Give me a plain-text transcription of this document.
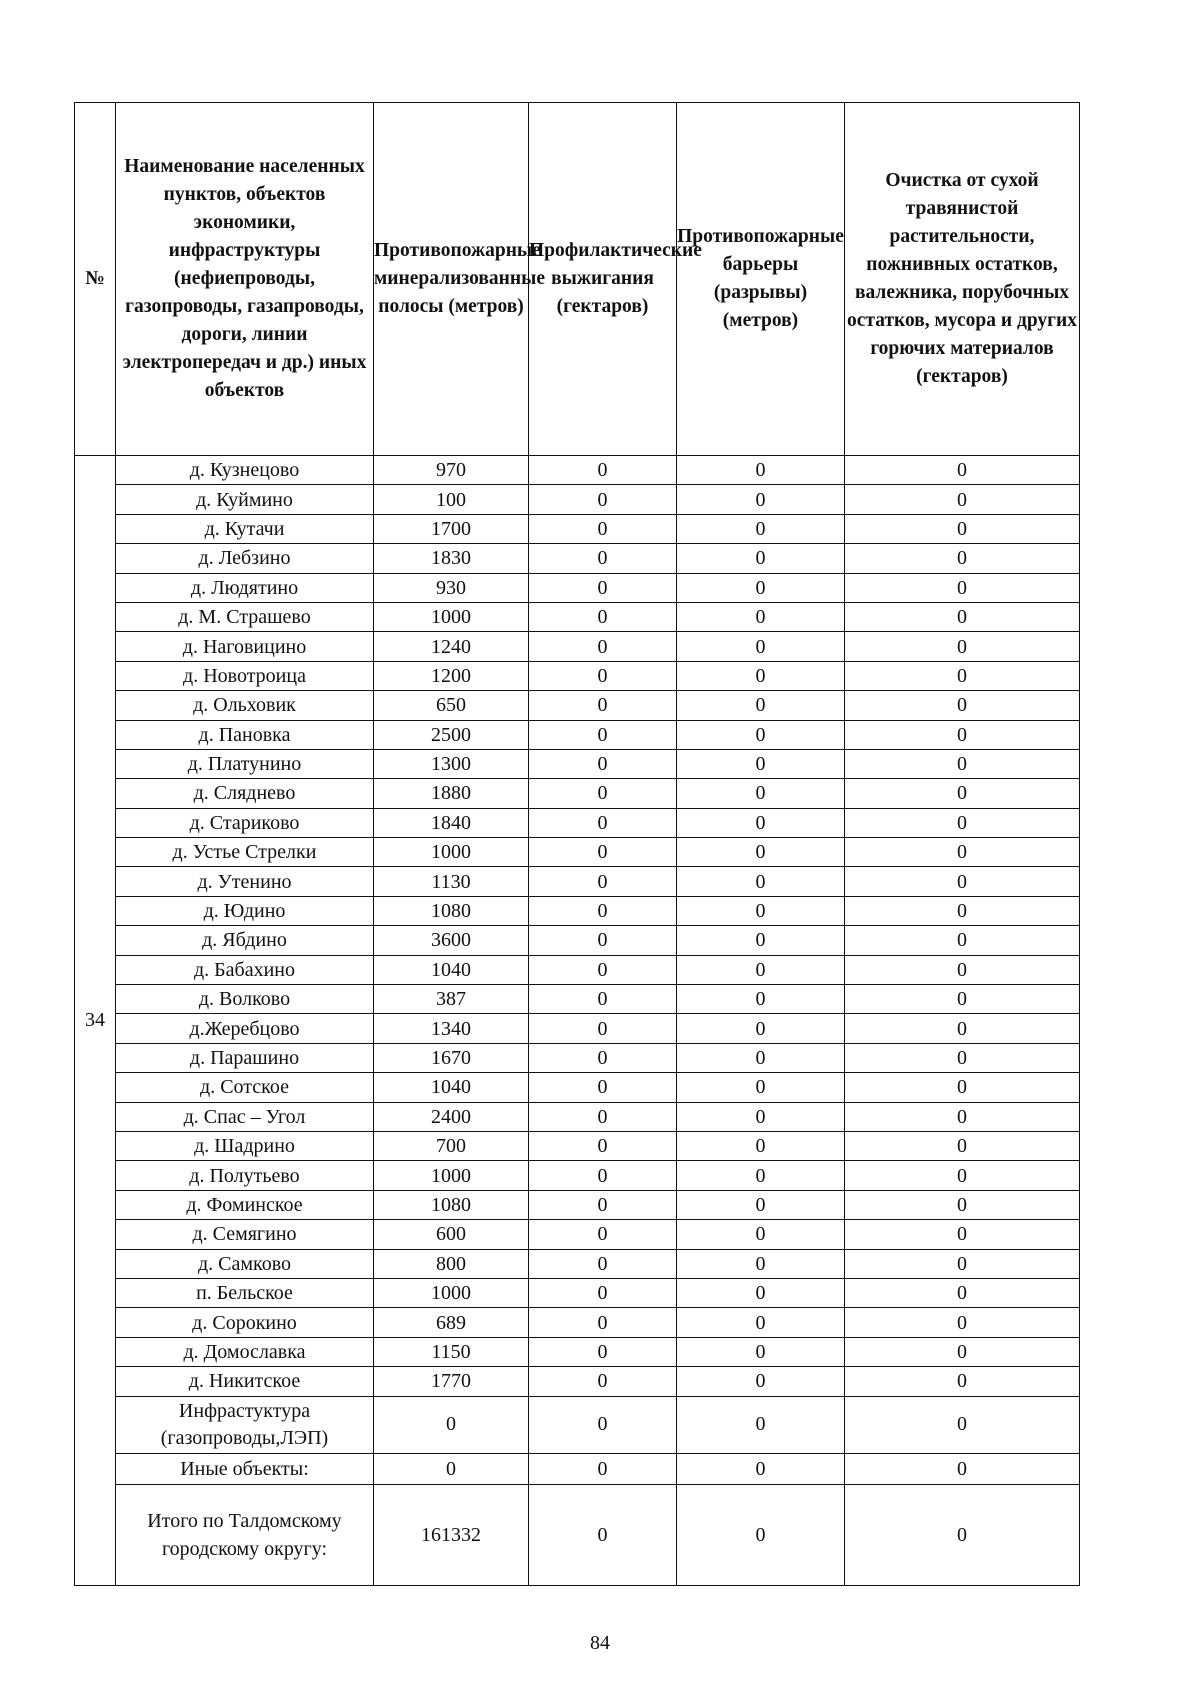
№	Наименование населенных пунктов, объектов экономики, инфраструктуры (нефиепроводы, газопроводы, газапроводы, дороги, линии электропередач и др.) иных объектов	Противопожарные минерализованные полосы (метров)	Профилактические выжигания (гектаров)	Противопожарные барьеры (разрывы) (метров)	Очистка от сухой травянистой растительности, пожнивных остатков, валежника, порубочных остатков, мусора и других горючих материалов (гектаров)
34	д. Кузнецово	970	0	0	0
	д. Куймино	100	0	0	0
	д. Кутачи	1700	0	0	0
	д. Лебзино	1830	0	0	0
	д. Людятино	930	0	0	0
	д. М. Страшево	1000	0	0	0
	д. Наговицино	1240	0	0	0
	д. Новотроица	1200	0	0	0
	д. Ольховик	650	0	0	0
	д. Пановка	2500	0	0	0
	д. Платунино	1300	0	0	0
	д. Сляднево	1880	0	0	0
	д. Стариково	1840	0	0	0
	д. Устье Стрелки	1000	0	0	0
	д. Утенино	1130	0	0	0
	д. Юдино	1080	0	0	0
	д. Ябдино	3600	0	0	0
	д. Бабахино	1040	0	0	0
	д. Волково	387	0	0	0
	д.Жеребцово	1340	0	0	0
	д. Парашино	1670	0	0	0
	д. Сотское	1040	0	0	0
	д. Спас – Угол	2400	0	0	0
	д. Шадрино	700	0	0	0
	д. Полутьево	1000	0	0	0
	д. Фоминское	1080	0	0	0
	д. Семягино	600	0	0	0
	д. Самково	800	0	0	0
	п. Бельское	1000	0	0	0
	д. Сорокино	689	0	0	0
	д. Домославка	1150	0	0	0
	д. Никитское	1770	0	0	0
	Инфрастуктура (газопроводы,ЛЭП)	0	0	0	0
	Иные объекты:	0	0	0	0
	Итого по Талдомскому городскому округу:	161332	0	0	0
84
